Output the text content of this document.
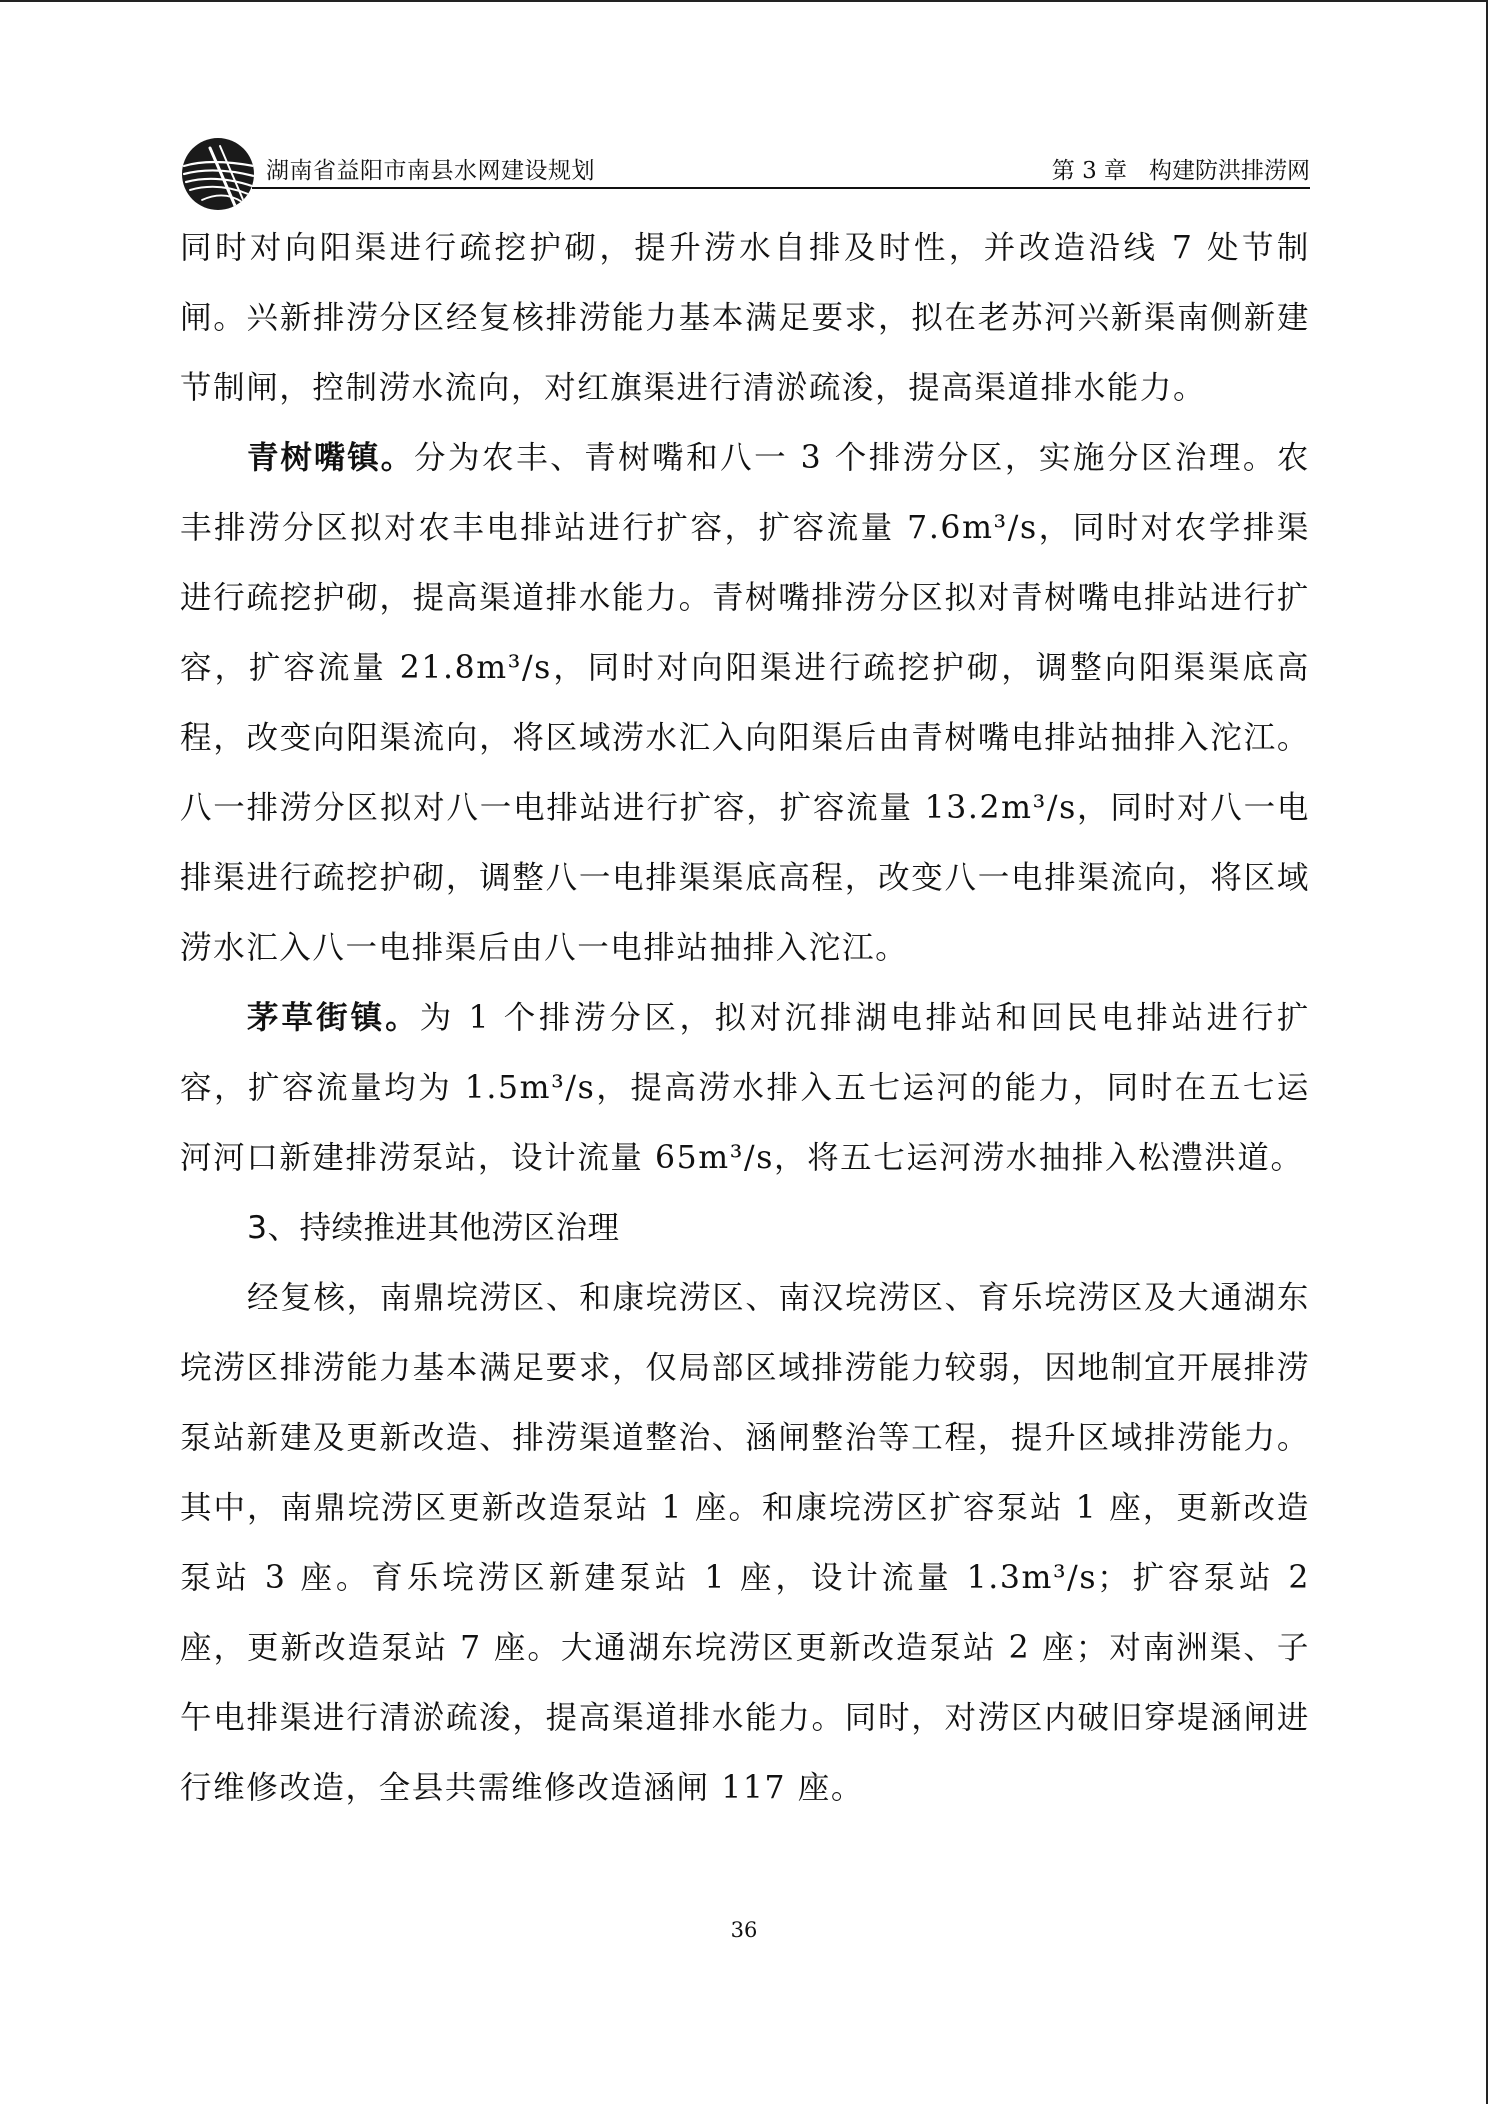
湖南省益阳市南县水网建设规划	第 3 章   构建防洪排涝网

同时对向阳渠进行疏挖护砌，提升涝水自排及时性，并改造沿线 7 处节制闸。兴新排涝分区经复核排涝能力基本满足要求，拟在老苏河兴新渠南侧新建节制闸，控制涝水流向，对红旗渠进行清淤疏浚，提高渠道排水能力。

青树嘴镇。分为农丰、青树嘴和八一 3 个排涝分区，实施分区治理。农丰排涝分区拟对农丰电排站进行扩容，扩容流量 7.6m³/s，同时对农学排渠进行疏挖护砌，提高渠道排水能力。青树嘴排涝分区拟对青树嘴电排站进行扩容，扩容流量 21.8m³/s，同时对向阳渠进行疏挖护砌，调整向阳渠渠底高程，改变向阳渠流向，将区域涝水汇入向阳渠后由青树嘴电排站抽排入沱江。八一排涝分区拟对八一电排站进行扩容，扩容流量 13.2m³/s，同时对八一电排渠进行疏挖护砌，调整八一电排渠渠底高程，改变八一电排渠流向，将区域涝水汇入八一电排渠后由八一电排站抽排入沱江。

茅草街镇。为 1 个排涝分区，拟对沉排湖电排站和回民电排站进行扩容，扩容流量均为 1.5m³/s，提高涝水排入五七运河的能力，同时在五七运河河口新建排涝泵站，设计流量 65m³/s，将五七运河涝水抽排入松澧洪道。

3、持续推进其他涝区治理

经复核，南鼎垸涝区、和康垸涝区、南汉垸涝区、育乐垸涝区及大通湖东垸涝区排涝能力基本满足要求，仅局部区域排涝能力较弱，因地制宜开展排涝泵站新建及更新改造、排涝渠道整治、涵闸整治等工程，提升区域排涝能力。其中，南鼎垸涝区更新改造泵站 1 座。和康垸涝区扩容泵站 1 座，更新改造泵站 3 座。育乐垸涝区新建泵站 1 座，设计流量 1.3m³/s；扩容泵站 2 座，更新改造泵站 7 座。大通湖东垸涝区更新改造泵站 2 座；对南洲渠、子午电排渠进行清淤疏浚，提高渠道排水能力。同时，对涝区内破旧穿堤涵闸进行维修改造，全县共需维修改造涵闸 117 座。

36
